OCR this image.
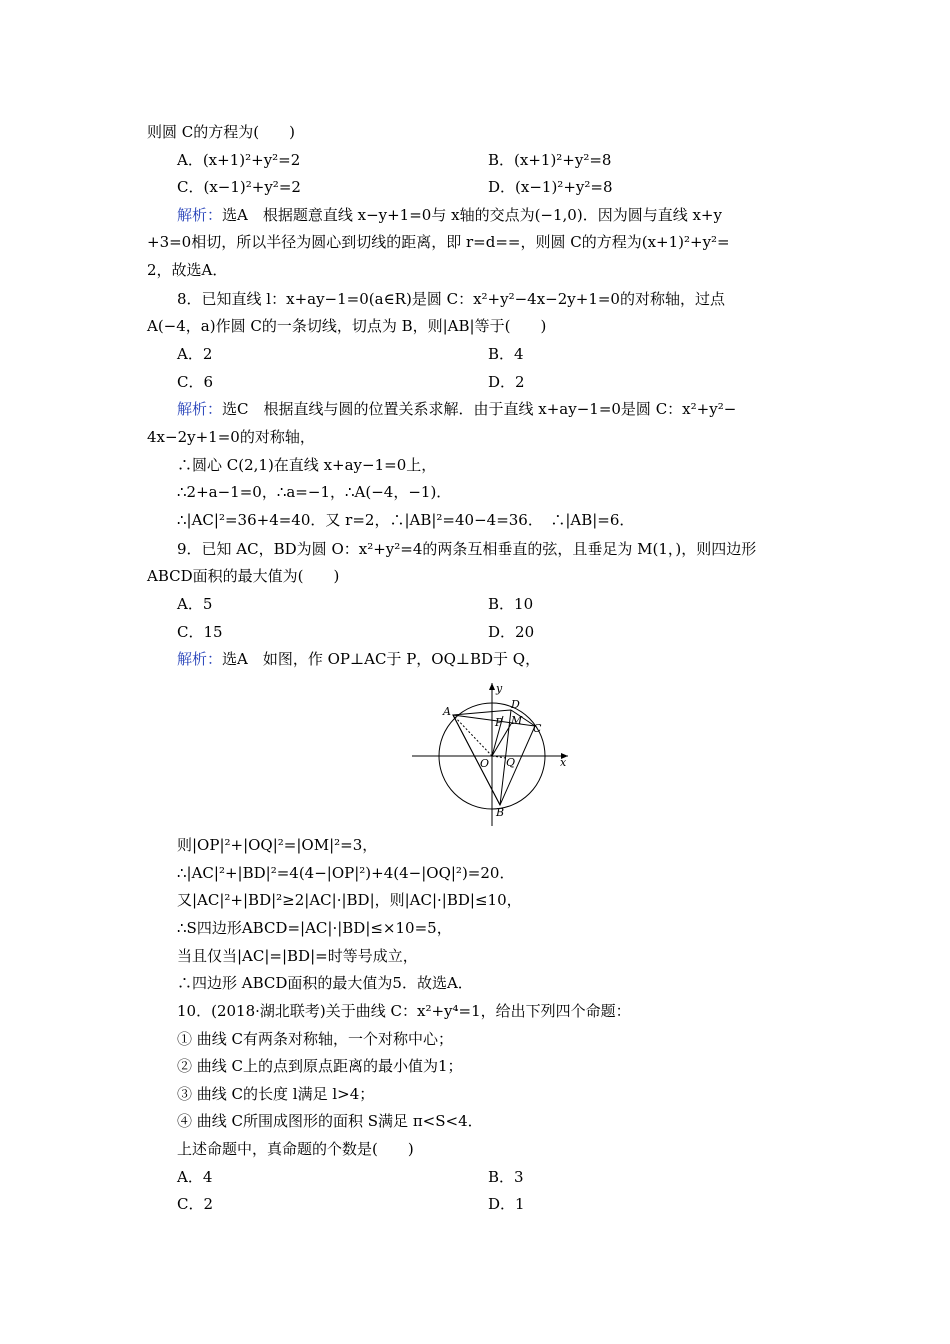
则圆 C的方程为(　　)
A．(x+1)²+y²=2	B．(x+1)²+y²=8
C．(x−1)²+y²=2	D．(x−1)²+y²=8
解析：选A　根据题意直线 x−y+1=0与 x轴的交点为(−1,0)．因为圆与直线 x+y
+3=0相切，所以半径为圆心到切线的距离，即 r=d==，则圆 C的方程为(x+1)²+y²=
2，故选A．
8．已知直线 l：x+ay−1=0(a∈R)是圆 C：x²+y²−4x−2y+1=0的对称轴，过点
A(−4，a)作圆 C的一条切线，切点为 B，则|AB|等于(　　)
A．2	B．4
C．6	D．2
解析：选C　根据直线与圆的位置关系求解．由于直线 x+ay−1=0是圆 C：x²+y²−
4x−2y+1=0的对称轴，
∴圆心 C(2,1)在直线 x+ay−1=0上，
∴2+a−1=0，∴a=−1，∴A(−4，−1)．
∴|AC|²=36+4=40．又 r=2，∴|AB|²=40−4=36．　∴|AB|=6．
9．已知 AC，BD为圆 O：x²+y²=4的两条互相垂直的弦，且垂足为 M(1，)，则四边形
ABCD面积的最大值为(　　)
A．5	B．10
C．15	D．20
解析：选A　如图，作 OP⊥AC于 P，OQ⊥BD于 Q，
y
x
A
B
C
D
M
P
Q
O
则|OP|²+|OQ|²=|OM|²=3，
∴|AC|²+|BD|²=4(4−|OP|²)+4(4−|OQ|²)=20．
又|AC|²+|BD|²≥2|AC|·|BD|，则|AC|·|BD|≤10，
∴S四边形ABCD=|AC|·|BD|≤×10=5，
当且仅当|AC|=|BD|=时等号成立，
∴四边形 ABCD面积的最大值为5．故选A．
10．(2018·湖北联考)关于曲线 C：x²+y⁴=1，给出下列四个命题：
① 曲线 C有两条对称轴，一个对称中心；
② 曲线 C上的点到原点距离的最小值为1；
③ 曲线 C的长度 l满足 l>4；
④ 曲线 C所围成图形的面积 S满足 π<S<4．
上述命题中，真命题的个数是(　　)
A．4	B．3
C．2	D．1
